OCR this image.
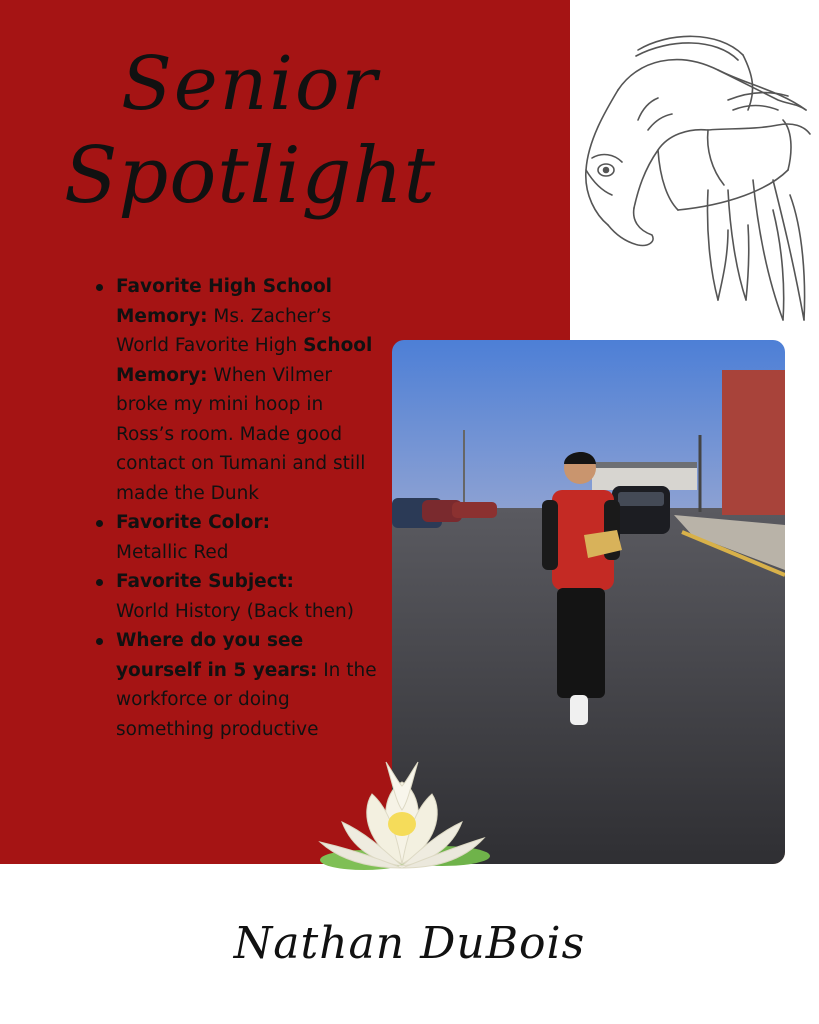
Senior
Spotlight
Favorite High School Memory: Ms. Zacher’s World Favorite High School Memory: When Vilmer broke my mini hoop in Ross’s room. Made good contact on Tumani and still made the Dunk
Favorite Color:
Metallic Red
Favorite Subject:
World History (Back then)
Where do you see yourself in 5 years: In the workforce or doing something productive
Nathan DuBois
